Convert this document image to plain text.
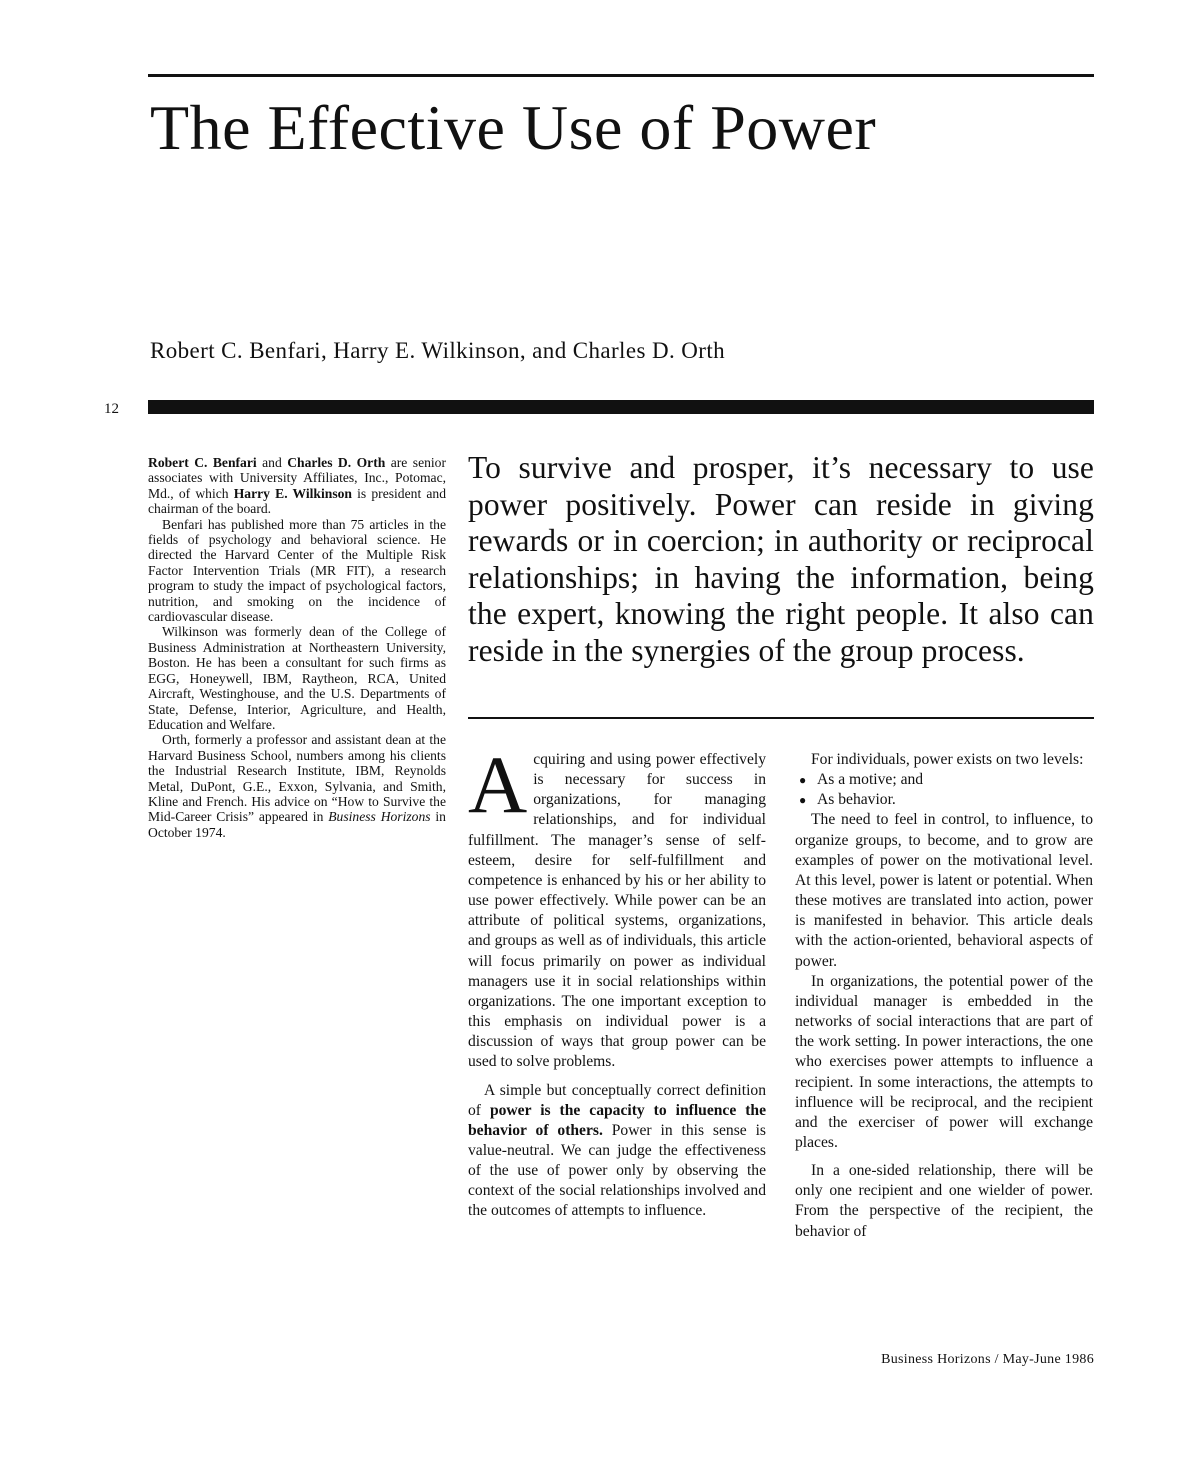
The Effective Use of Power
Robert C. Benfari, Harry E. Wilkinson, and Charles D. Orth
12

Robert C. Benfari and Charles D. Orth are senior associates with University Affiliates, Inc., Potomac, Md., of which Harry E. Wilkinson is president and chairman of the board.

Benfari has published more than 75 articles in the fields of psychology and behavioral science. He directed the Harvard Center of the Multiple Risk Factor Intervention Trials (MR FIT), a research program to study the impact of psychological factors, nutrition, and smoking on the incidence of cardiovascular disease.

Wilkinson was formerly dean of the College of Business Administration at Northeastern University, Boston. He has been a consultant for such firms as EGG, Honeywell, IBM, Raytheon, RCA, United Aircraft, Westinghouse, and the U.S. Departments of State, Defense, Interior, Agriculture, and Health, Education and Welfare.

Orth, formerly a professor and assistant dean at the Harvard Business School, numbers among his clients the Industrial Research Institute, IBM, Reynolds Metal, DuPont, G.E., Exxon, Sylvania, and Smith, Kline and French. His advice on “How to Survive the Mid-Career Crisis” appeared in Business Horizons in October 1974.

To survive and prosper, it’s necessary to use power positively. Power can reside in giving rewards or in coercion; in authority or reciprocal relationships; in having the information, being the expert, knowing the right people. It also can reside in the synergies of the group process.

Acquiring and using power effectively is necessary for success in organizations, for managing relationships, and for individual fulfillment. The manager’s sense of self-esteem, desire for self-fulfillment and competence is enhanced by his or her ability to use power effectively. While power can be an attribute of political systems, organizations, and groups as well as of individuals, this article will focus primarily on power as individual managers use it in social relationships within organizations. The one important exception to this emphasis on individual power is a discussion of ways that group power can be used to solve problems.

A simple but conceptually correct definition of power is the capacity to influence the behavior of others. Power in this sense is value-neutral. We can judge the effectiveness of the use of power only by observing the context of the social relationships involved and the outcomes of attempts to influence.

For individuals, power exists on two levels:

● As a motive; and
● As behavior.

The need to feel in control, to influence, to organize groups, to become, and to grow are examples of power on the motivational level. At this level, power is latent or potential. When these motives are translated into action, power is manifested in behavior. This article deals with the action-oriented, behavioral aspects of power.

In organizations, the potential power of the individual manager is embedded in the networks of social interactions that are part of the work setting. In power interactions, the one who exercises power attempts to influence a recipient. In some interactions, the attempts to influence will be reciprocal, and the recipient and the exerciser of power will exchange places.

In a one-sided relationship, there will be only one recipient and one wielder of power. From the perspective of the recipient, the behavior of

Business Horizons / May-June 1986
